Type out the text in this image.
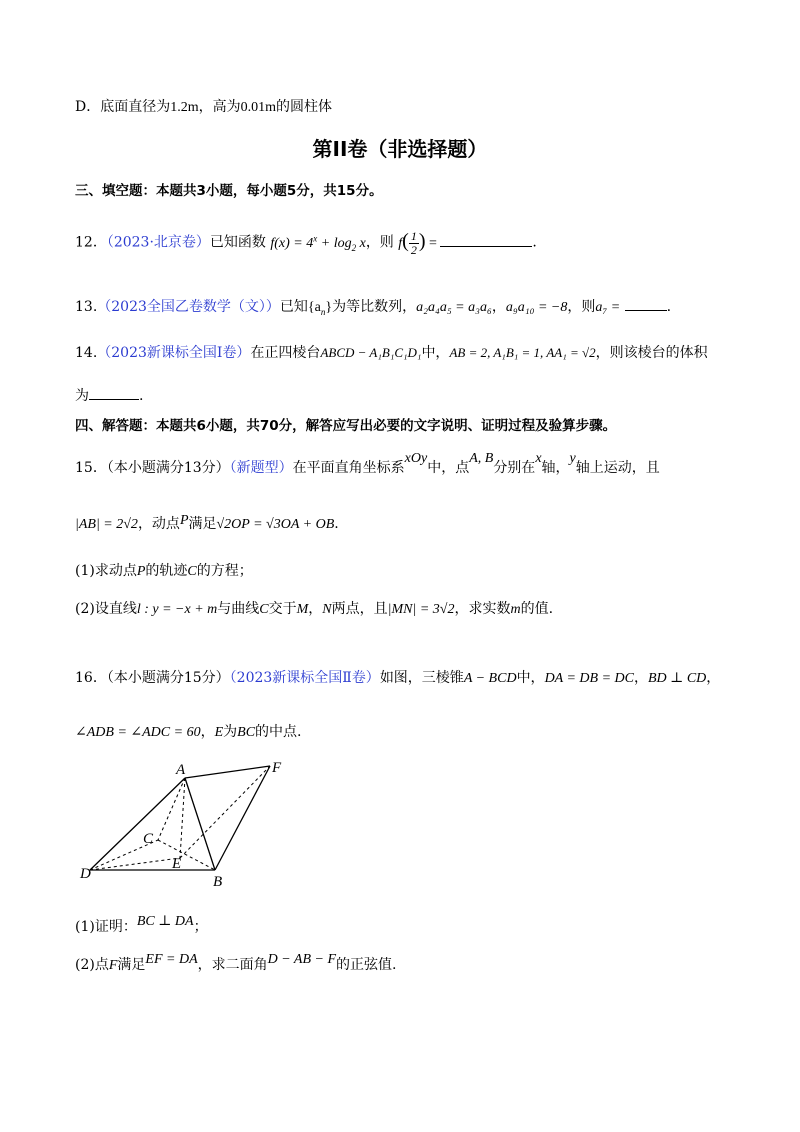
D．底面直径为1.2m，高为0.01m的圆柱体
第II卷（非选择题）
三、填空题：本题共3小题，每小题5分，共15分。
12．（2023·北京卷）已知函数 $f(x) = 4^x + \log_2 x$，则 $f( \frac{1}{2}$ ) =	.
13.（2023全国乙卷数学（文））已知$\{a_n\}$为等比数列，a₂a₄a₅ = a₃a₆，a₉a₁₀ = −8，则a₇ =	.
14.（2023新课标全国Ⅰ卷）在正四棱台ABCD − A₁B₁C₁D₁中，AB = 2, A₁B₁ = 1, AA₁ = √2，则该棱台的体积
为	.
四、解答题：本题共6小题，共70分，解答应写出必要的文字说明、证明过程及验算步骤。
15．（本小题满分13分）（新题型）在平面直角坐标系xOy中，点A, B分别在x轴，y轴上运动，且
|AB| = 2√2，动点P满足√2OP = √3OA + OB.
(1)求动点P的轨迹C的方程；
(2)设直线l : y = −x + m与曲线C交于M，N两点，且|MN| = 3√2，求实数m的值.
16．（本小题满分15分）（2023新课标全国Ⅱ卷）如图，三棱锥A − BCD中，DA = DB = DC，BD ⊥ CD，
∠ADB = ∠ADC = 60，E为BC的中点.
A
B
C
D
E
F
(1)证明：BC ⊥ DA；
(2)点F满足EF = DA，求二面角D − AB − F的正弦值.
